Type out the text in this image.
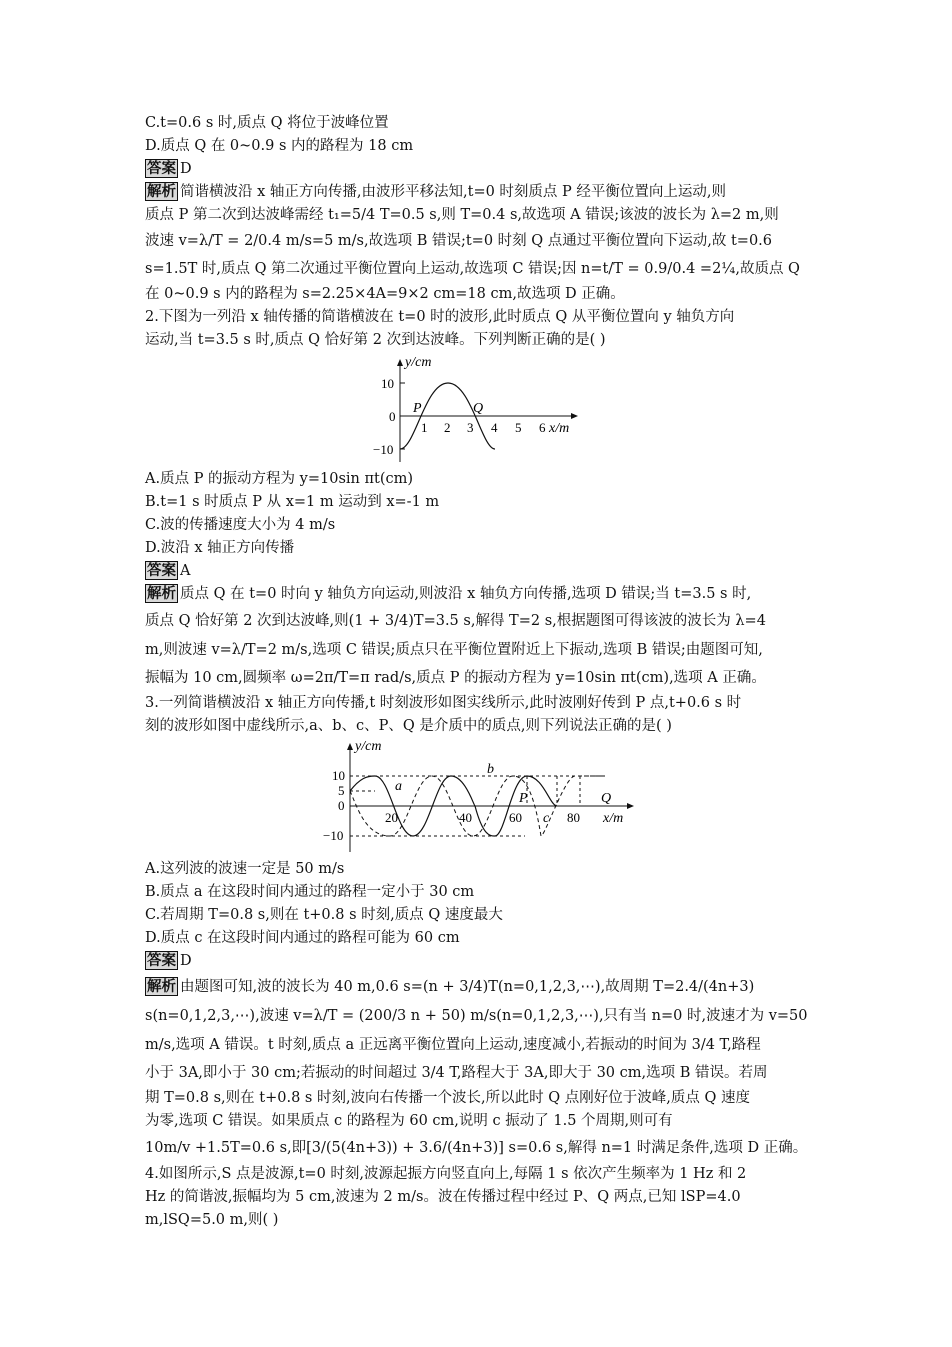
C.t=0.6 s 时,质点 Q 将位于波峰位置
D.质点 Q 在 0~0.9 s 内的路程为 18 cm
答案 D
解析 简谐横波沿 x 轴正方向传播,由波形平移法知,t=0 时刻质点 P 经平衡位置向上运动,则
质点 P 第二次到达波峰需经 t₁=5/4 T=0.5 s,则 T=0.4 s,故选项 A 错误;该波的波长为 λ=2 m,则
波速 v=λ/T = 2/0.4 m/s=5 m/s,故选项 B 错误;t=0 时刻 Q 点通过平衡位置向下运动,故 t=0.6
s=1.5T 时,质点 Q 第二次通过平衡位置向上运动,故选项 C 错误;因 n=t/T = 0.9/0.4 =2¼,故质点 Q
在 0~0.9 s 内的路程为 s=2.25×4A=9×2 cm=18 cm,故选项 D 正确。
2.下图为一列沿 x 轴传播的简谐横波在 t=0 时的波形,此时质点 Q 从平衡位置向 y 轴负方向
运动,当 t=3.5 s 时,质点 Q 恰好第 2 次到达波峰。下列判断正确的是( )
y/cm
10
0
−10
1 2 3 4 5 6 x/m
P	Q
A.质点 P 的振动方程为 y=10sin πt(cm)
B.t=1 s 时质点 P 从 x=1 m 运动到 x=-1 m
C.波的传播速度大小为 4 m/s
D.波沿 x 轴正方向传播
答案 A
解析 质点 Q 在 t=0 时向 y 轴负方向运动,则波沿 x 轴负方向传播,选项 D 错误;当 t=3.5 s 时,
质点 Q 恰好第 2 次到达波峰,则(1 + 3/4)T=3.5 s,解得 T=2 s,根据题图可得该波的波长为 λ=4
m,则波速 v=λ/T=2 m/s,选项 C 错误;质点只在平衡位置附近上下振动,选项 B 错误;由题图可知,
振幅为 10 cm,圆频率 ω=2π/T=π rad/s,质点 P 的振动方程为 y=10sin πt(cm),选项 A 正确。
3.一列简谐横波沿 x 轴正方向传播,t 时刻波形如图实线所示,此时波刚好传到 P 点,t+0.6 s 时
刻的波形如图中虚线所示,a、b、c、P、Q 是介质中的质点,则下列说法正确的是( )
y/cm
10
5
0
−10
20	40	60	80 x/m
a
b
c
P	Q
A.这列波的波速一定是 50 m/s
B.质点 a 在这段时间内通过的路程一定小于 30 cm
C.若周期 T=0.8 s,则在 t+0.8 s 时刻,质点 Q 速度最大
D.质点 c 在这段时间内通过的路程可能为 60 cm
答案 D
解析 由题图可知,波的波长为 40 m,0.6 s=(n + 3/4)T(n=0,1,2,3,⋯),故周期 T=2.4/(4n+3)
s(n=0,1,2,3,⋯),波速 v=λ/T = (200/3 n + 50) m/s(n=0,1,2,3,⋯),只有当 n=0 时,波速才为 v=50
m/s,选项 A 错误。t 时刻,质点 a 正远离平衡位置向上运动,速度减小,若振动的时间为 3/4 T,路程
小于 3A,即小于 30 cm;若振动的时间超过 3/4 T,路程大于 3A,即大于 30 cm,选项 B 错误。若周
期 T=0.8 s,则在 t+0.8 s 时刻,波向右传播一个波长,所以此时 Q 点刚好位于波峰,质点 Q 速度
为零,选项 C 错误。如果质点 c 的路程为 60 cm,说明 c 振动了 1.5 个周期,则可有
10m/v +1.5T=0.6 s,即[3/(5(4n+3)) + 3.6/(4n+3)] s=0.6 s,解得 n=1 时满足条件,选项 D 正确。
4.如图所示,S 点是波源,t=0 时刻,波源起振方向竖直向上,每隔 1 s 依次产生频率为 1 Hz 和 2
Hz 的简谐波,振幅均为 5 cm,波速为 2 m/s。波在传播过程中经过 P、Q 两点,已知 lSP=4.0
m,lSQ=5.0 m,则( )
